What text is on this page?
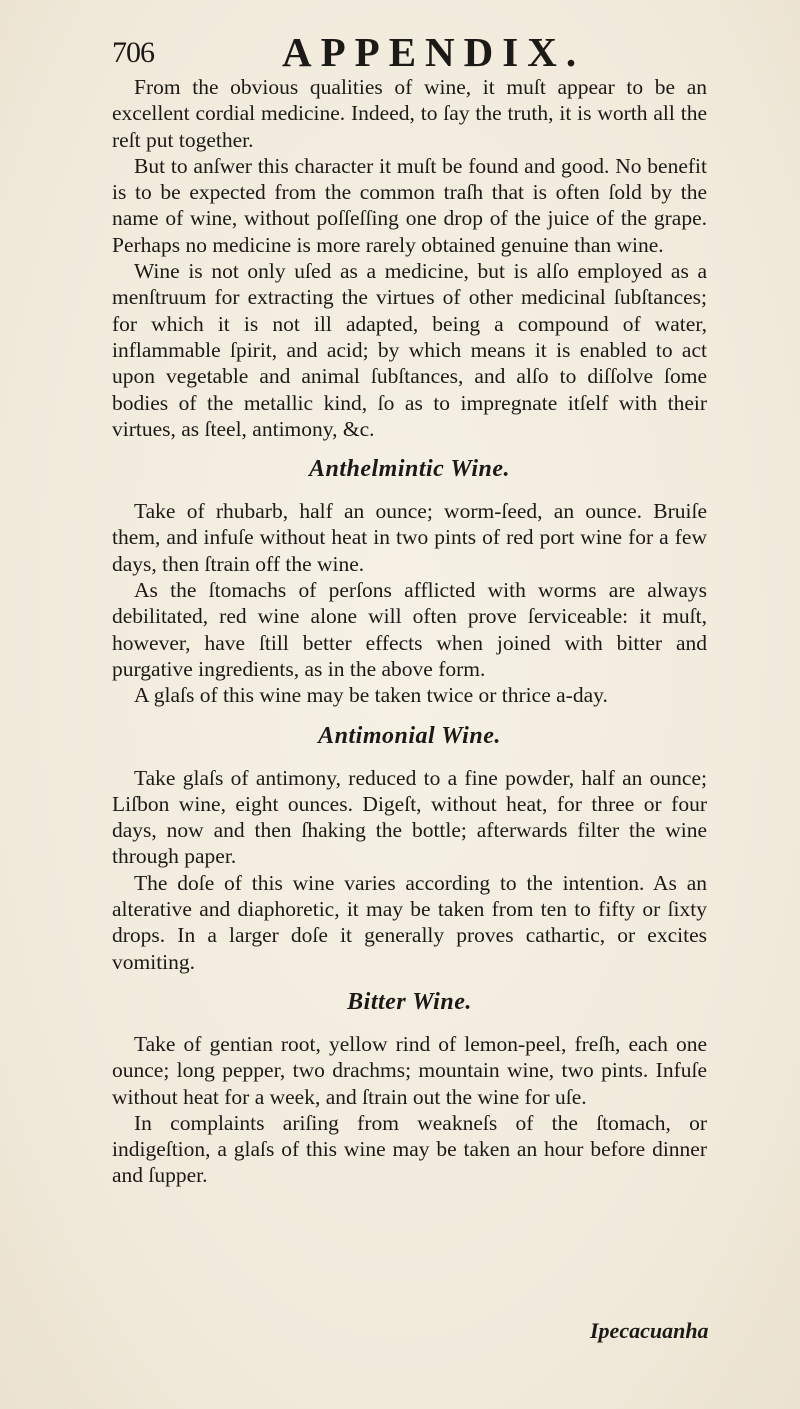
706	APPENDIX.

From the obvious qualities of wine, it muſt appear to be an excellent cordial medicine. Indeed, to ſay the truth, it is worth all the reſt put together.

But to anſwer this character it muſt be found and good. No benefit is to be expected from the common traſh that is often ſold by the name of wine, without poſſeſſing one drop of the juice of the grape. Perhaps no medicine is more rarely obtained genuine than wine.

Wine is not only uſed as a medicine, but is alſo employed as a menſtruum for extracting the virtues of other medicinal ſubſtances; for which it is not ill adapted, being a compound of water, inflammable ſpirit, and acid; by which means it is enabled to act upon vegetable and animal ſubſtances, and alſo to diſſolve ſome bodies of the metallic kind, ſo as to impregnate itſelf with their virtues, as ſteel, antimony, &c.

Anthelmintic Wine.

Take of rhubarb, half an ounce; worm-ſeed, an ounce. Bruiſe them, and infuſe without heat in two pints of red port wine for a few days, then ſtrain off the wine.

As the ſtomachs of perſons afflicted with worms are always debilitated, red wine alone will often prove ſerviceable: it muſt, however, have ſtill better effects when joined with bitter and purgative ingredients, as in the above form.

A glaſs of this wine may be taken twice or thrice a-day.

Antimonial Wine.

Take glaſs of antimony, reduced to a fine powder, half an ounce; Liſbon wine, eight ounces. Digeſt, without heat, for three or four days, now and then ſhaking the bottle; afterwards filter the wine through paper.

The doſe of this wine varies according to the intention. As an alterative and diaphoretic, it may be taken from ten to fifty or ſixty drops. In a larger doſe it generally proves cathartic, or excites vomiting.

Bitter Wine.

Take of gentian root, yellow rind of lemon-peel, freſh, each one ounce; long pepper, two drachms; mountain wine, two pints. Infuſe without heat for a week, and ſtrain out the wine for uſe.

In complaints ariſing from weakneſs of the ſtomach, or indigeſtion, a glaſs of this wine may be taken an hour before dinner and ſupper.

Ipecacuanha
